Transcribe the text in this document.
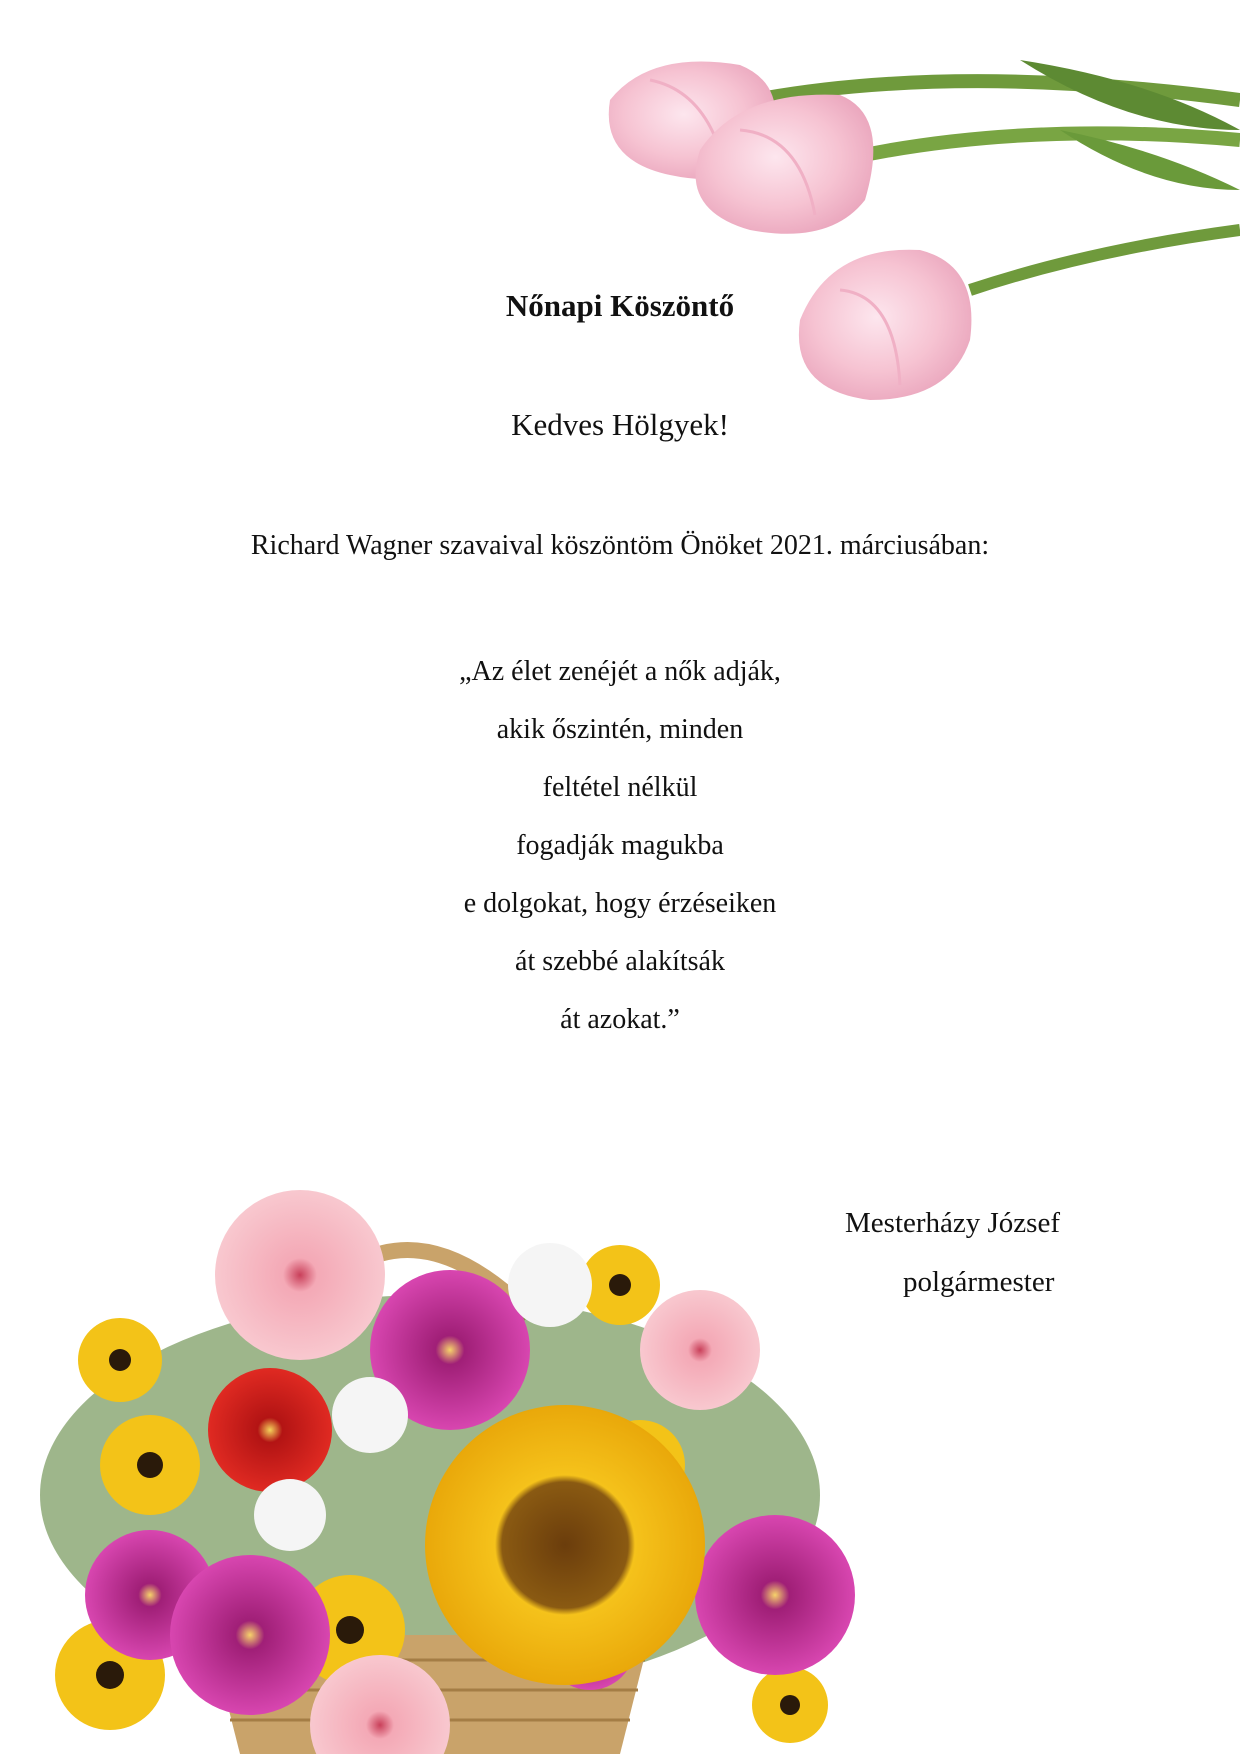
Nőnapi Köszöntő
Kedves Hölgyek!
Richard Wagner szavaival köszöntöm Önöket 2021. márciusában:
„Az élet zenéjét a nők adják,
akik őszintén, minden
feltétel nélkül
fogadják magukba
e dolgokat, hogy érzéseiken
át szebbé alakítsák
át azokat.”
Mesterházy József
polgármester
